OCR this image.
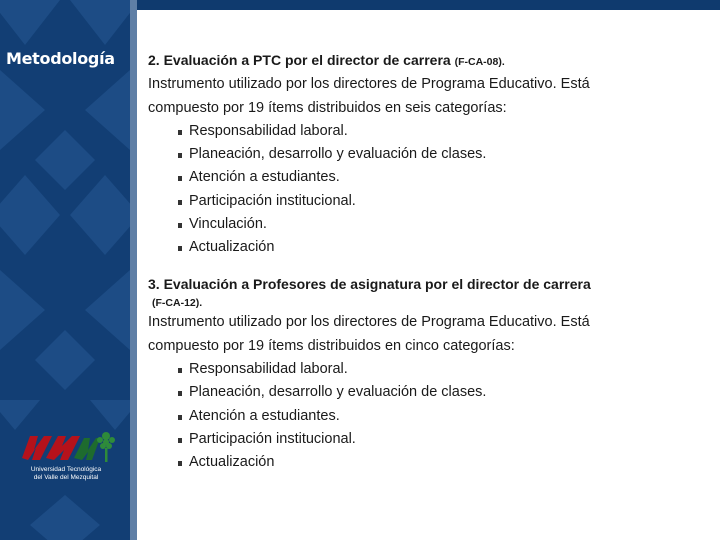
Metodología
Universidad Tecnológica
del Valle del Mezquital

2. Evaluación a PTC por el director de carrera (F-CA-08).

Instrumento utilizado por los directores de Programa Educativo. Está

compuesto por 19 ítems distribuidos en seis categorías:

Responsabilidad laboral.
Planeación, desarrollo y evaluación de clases.
Atención a estudiantes.
Participación institucional.
Vinculación.
Actualización

3. Evaluación a Profesores de asignatura por el director de carrera

(F-CA-12).

Instrumento utilizado por los directores de Programa Educativo. Está

compuesto por 19 ítems distribuidos en cinco categorías:

Responsabilidad laboral.
Planeación, desarrollo y evaluación de clases.
Atención a estudiantes.
Participación institucional.
Actualización
